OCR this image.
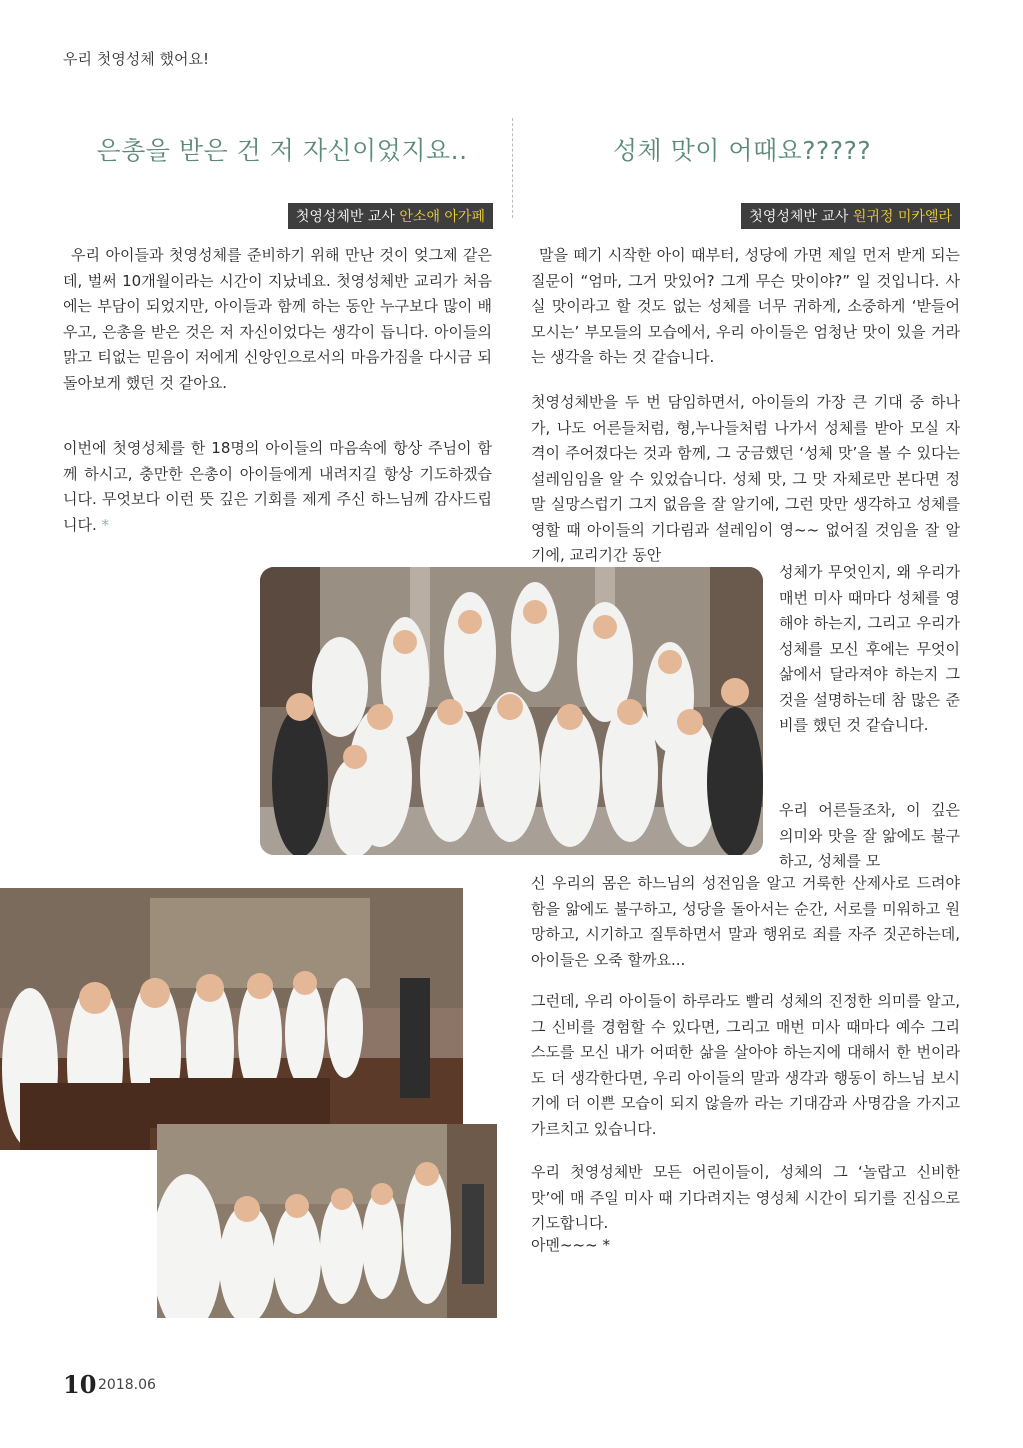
우리 첫영성체 했어요!
은총을 받은 건 저 자신이었지요..
첫영성체반 교사 안소애 아가페

우리 아이들과 첫영성체를 준비하기 위해 만난 것이 엊그제 같은데, 벌써 10개월이라는 시간이 지났네요. 첫영성체반 교리가 처음에는 부담이 되었지만, 아이들과 함께 하는 동안 누구보다 많이 배우고, 은총을 받은 것은 저 자신이었다는 생각이 듭니다. 아이들의 맑고 티없는 믿음이 저에게 신앙인으로서의 마음가짐을 다시금 되돌아보게 했던 것 같아요.

이번에 첫영성체를 한 18명의 아이들의 마음속에 항상 주님이 함께 하시고, 충만한 은총이 아이들에게 내려지길 항상 기도하겠습니다. 무엇보다 이런 뜻 깊은 기회를 제게 주신 하느님께 감사드립니다. *

성체 맛이 어때요?????
첫영성체반 교사 원귀정 미카엘라

말을 떼기 시작한 아이 때부터, 성당에 가면 제일 먼저 받게 되는 질문이 “엄마, 그거 맛있어? 그게 무슨 맛이야?” 일 것입니다. 사실 맛이라고 할 것도 없는 성체를 너무 귀하게, 소중하게 ‘받들어 모시는’ 부모들의 모습에서, 우리 아이들은 엄청난 맛이 있을 거라는 생각을 하는 것 같습니다.

첫영성체반을 두 번 담임하면서, 아이들의 가장 큰 기대 중 하나가, 나도 어른들처럼, 형,누나들처럼 나가서 성체를 받아 모실 자격이 주어졌다는 것과 함께, 그 궁금했던 ‘성체 맛’을 볼 수 있다는 설레임임을 알 수 있었습니다. 성체 맛, 그 맛 자체로만 본다면 정말 실망스럽기 그지 없음을 잘 알기에, 그런 맛만 생각하고 성체를 영할 때 아이들의 기다림과 설레임이 영~~ 없어질 것임을 잘 알기에, 교리기간 동안

성체가 무엇인지, 왜 우리가 매번 미사 때마다 성체를 영해야 하는지, 그리고 우리가 성체를 모신 후에는 무엇이 삶에서 달라져야 하는지 그것을 설명하는데 참 많은 준비를 했던 것 같습니다.

우리 어른들조차, 이 깊은 의미와 맛을 잘 앎에도 불구하고, 성체를 모

신 우리의 몸은 하느님의 성전임을 알고 거룩한 산제사로 드려야 함을 앎에도 불구하고, 성당을 돌아서는 순간, 서로를 미워하고 원망하고, 시기하고 질투하면서 말과 행위로 죄를 자주 짓곤하는데, 아이들은 오죽 할까요...

그런데, 우리 아이들이 하루라도 빨리 성체의 진정한 의미를 알고, 그 신비를 경험할 수 있다면, 그리고 매번 미사 때마다 예수 그리스도를 모신 내가 어떠한 삶을 살아야 하는지에 대해서 한 번이라도 더 생각한다면, 우리 아이들의 말과 생각과 행동이 하느님 보시기에 더 이쁜 모습이 되지 않을까 라는 기대감과 사명감을 가지고 가르치고 있습니다.

우리 첫영성체반 모든 어린이들이, 성체의 그 ‘놀랍고 신비한 맛’에 매 주일 미사 때 기다려지는 영성체 시간이 되기를 진심으로 기도합니다.

아멘~~~ *

10 2018.06
